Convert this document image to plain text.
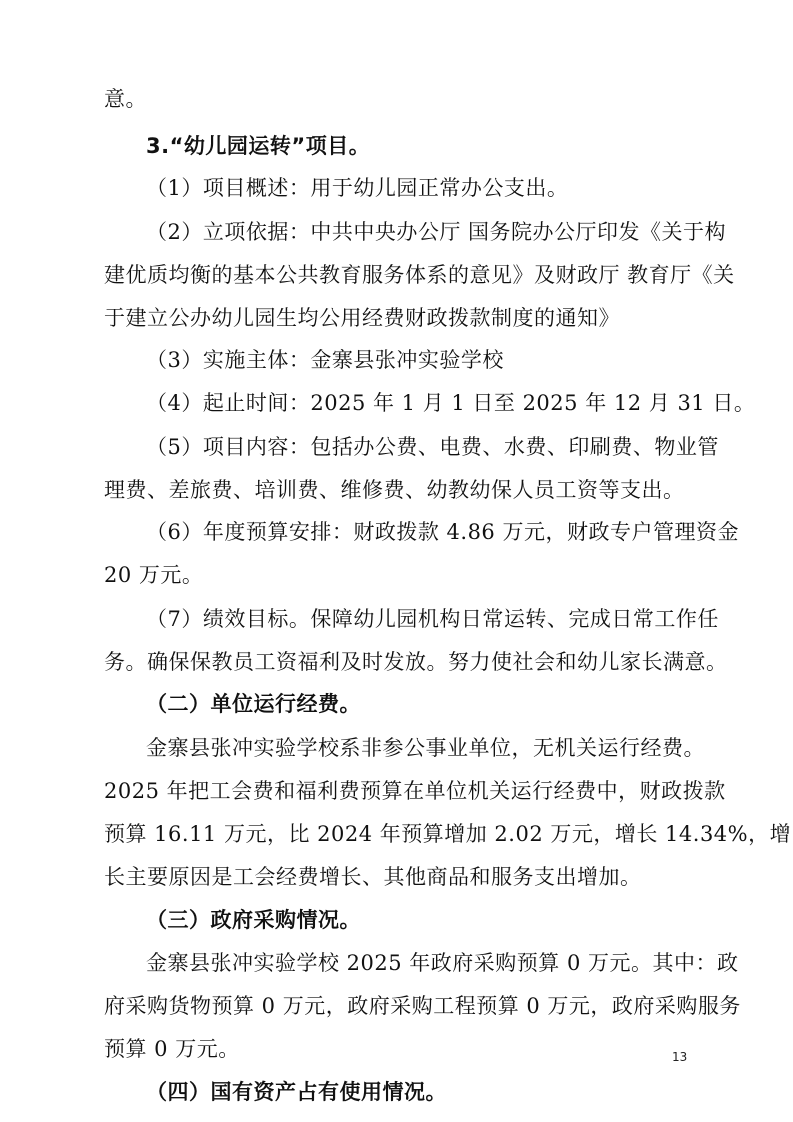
意。
3.“幼儿园运转”项目。
（1）项目概述：用于幼儿园正常办公支出。
（2）立项依据：中共中央办公厅 国务院办公厅印发《关于构
建优质均衡的基本公共教育服务体系的意见》及财政厅 教育厅《关
于建立公办幼儿园生均公用经费财政拨款制度的通知》
（3）实施主体：金寨县张冲实验学校
（4）起止时间：2025 年 1 月 1 日至 2025 年 12 月 31 日。
（5）项目内容：包括办公费、电费、水费、印刷费、物业管
理费、差旅费、培训费、维修费、幼教幼保人员工资等支出。
（6）年度预算安排：财政拨款 4.86 万元，财政专户管理资金
20 万元。
（7）绩效目标。保障幼儿园机构日常运转、完成日常工作任
务。确保保教员工资福利及时发放。努力使社会和幼儿家长满意。
（二）单位运行经费。
金寨县张冲实验学校系非参公事业单位，无机关运行经费。
2025 年把工会费和福利费预算在单位机关运行经费中，财政拨款
预算 16.11 万元，比 2024 年预算增加 2.02 万元，增长 14.34%，增
长主要原因是工会经费增长、其他商品和服务支出增加。
（三）政府采购情况。
金寨县张冲实验学校 2025 年政府采购预算 0 万元。其中：政
府采购货物预算 0 万元，政府采购工程预算 0 万元，政府采购服务
预算 0 万元。
（四）国有资产占有使用情况。
13
